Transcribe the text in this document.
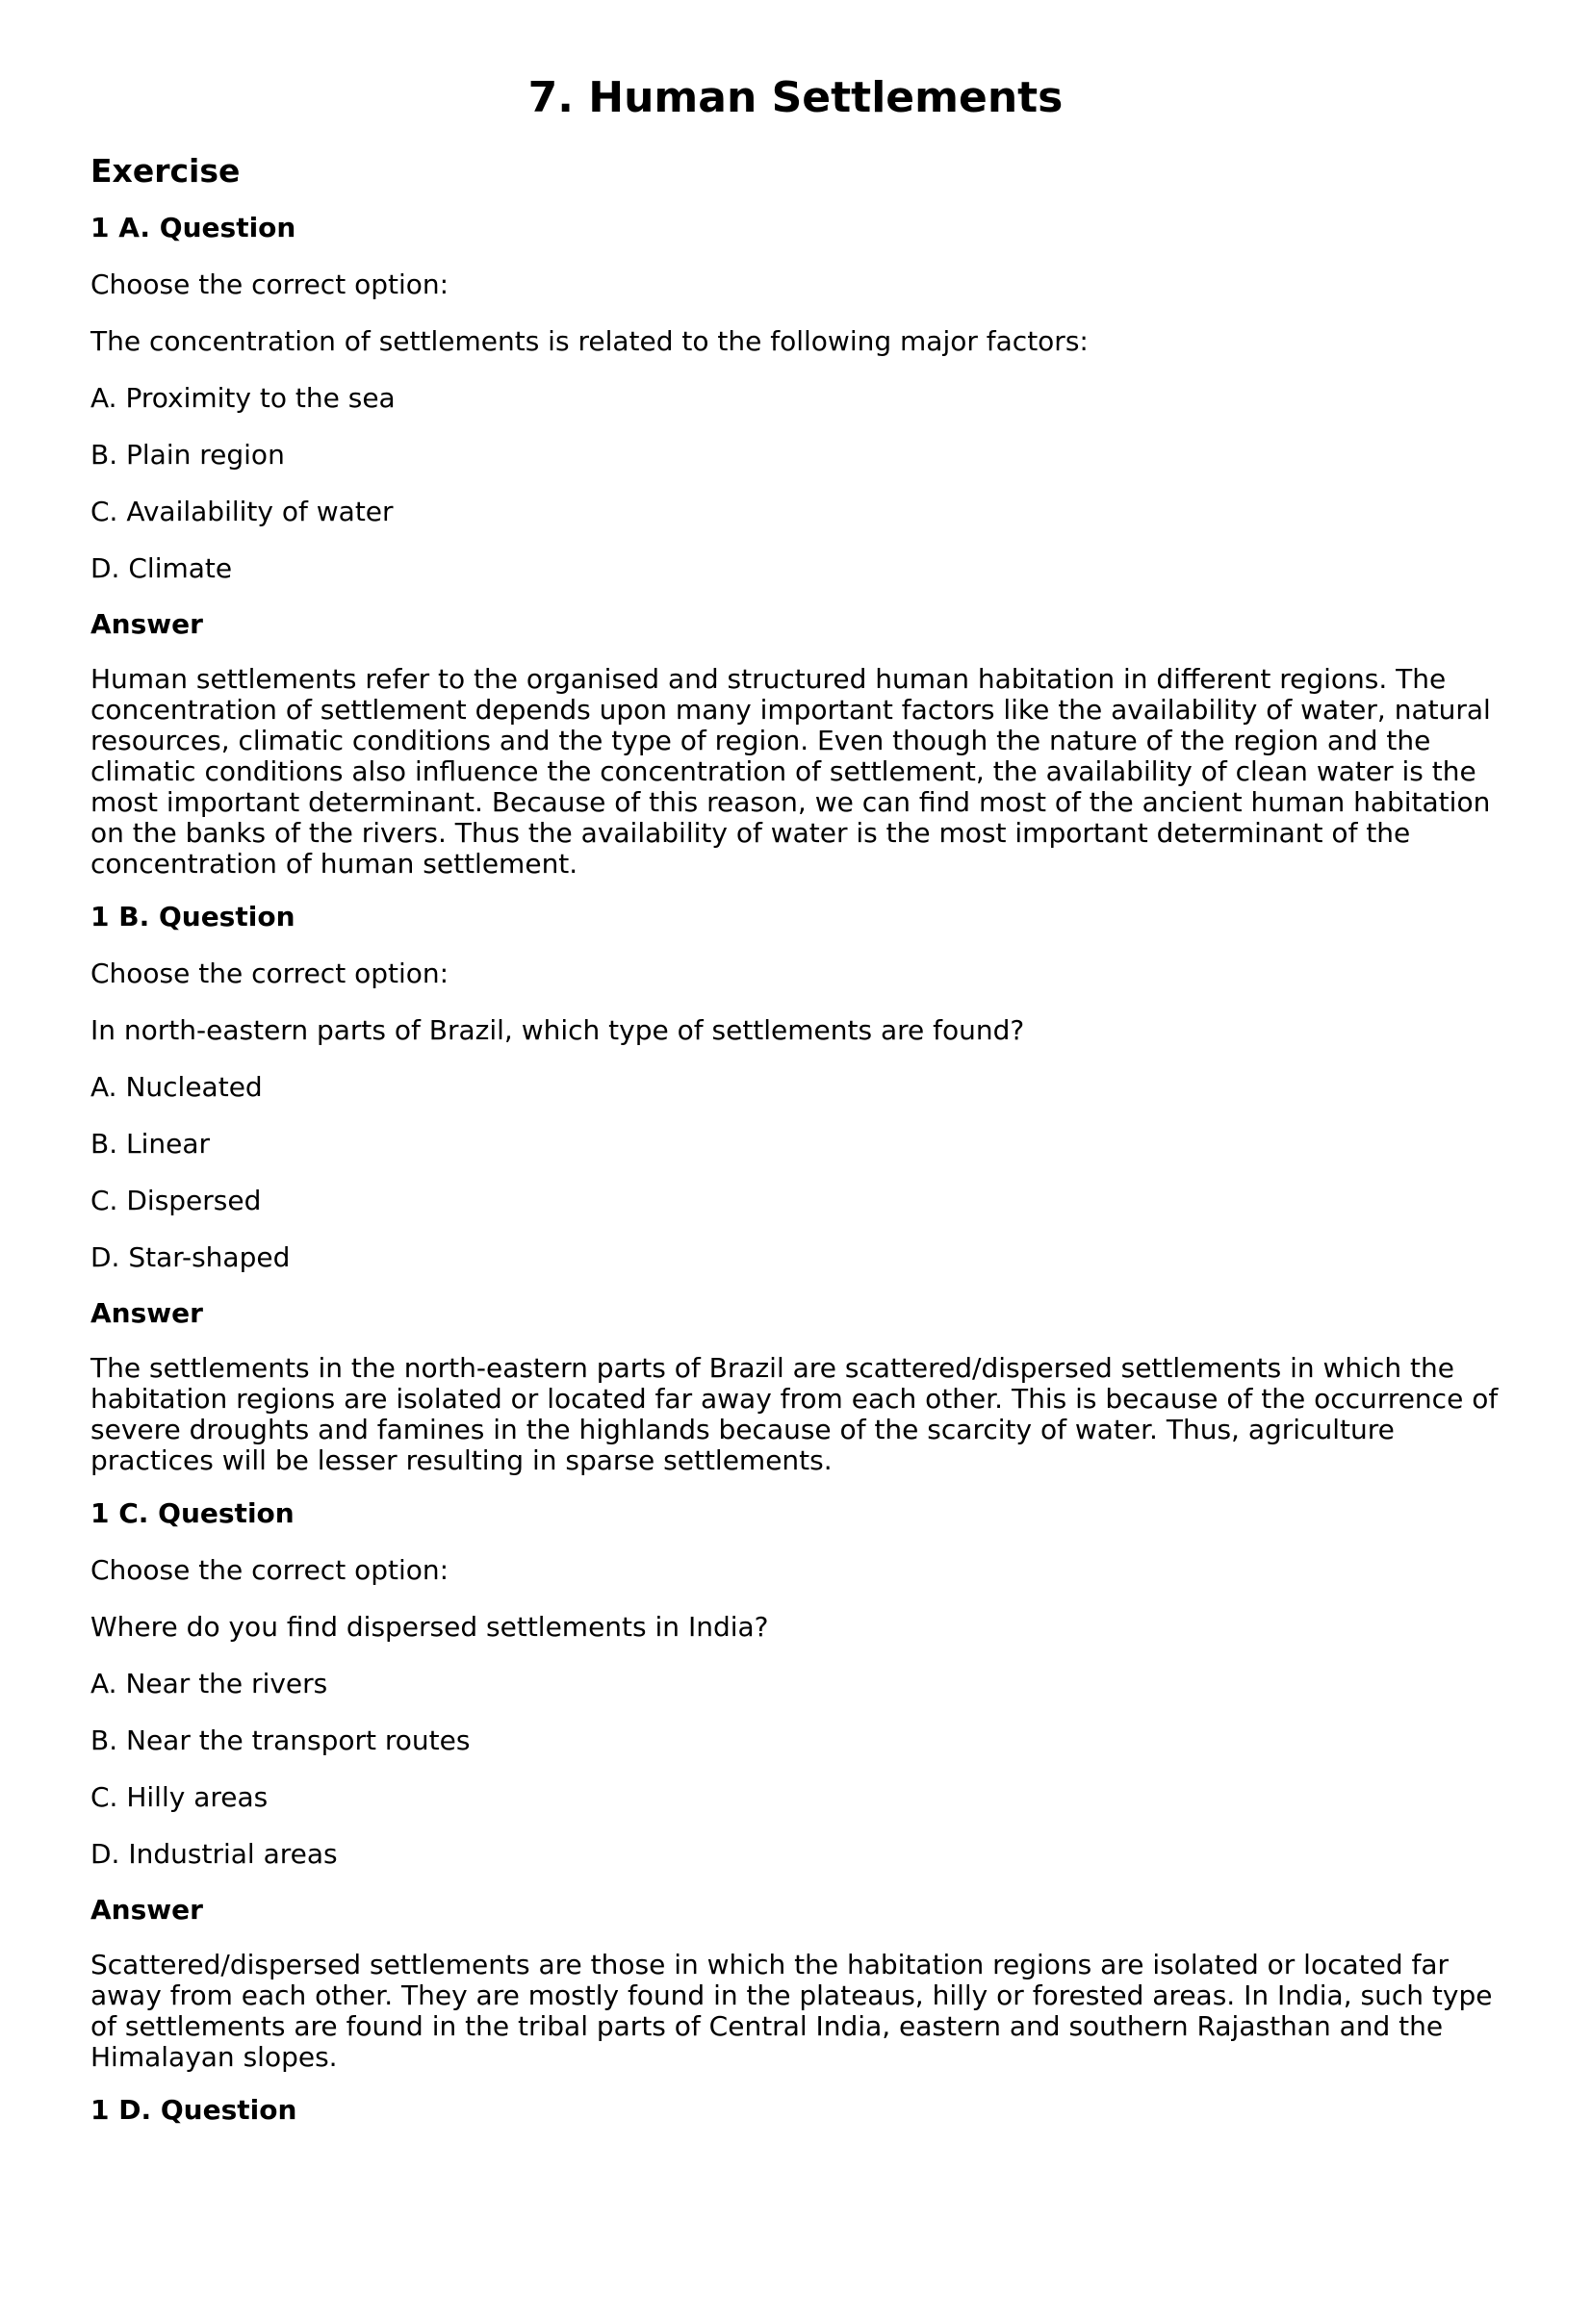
7. Human Settlements
Exercise
1 A. Question
Choose the correct option:
The concentration of settlements is related to the following major factors:
A. Proximity to the sea
B. Plain region
C. Availability of water
D. Climate
Answer
Human settlements refer to the organised and structured human habitation in different regions. The concentration of settlement depends upon many important factors like the availability of water, natural resources, climatic conditions and the type of region. Even though the nature of the region and the climatic conditions also influence the concentration of settlement, the availability of clean water is the most important determinant. Because of this reason, we can find most of the ancient human habitation on the banks of the rivers. Thus the availability of water is the most important determinant of the concentration of human settlement.
1 B. Question
Choose the correct option:
In north-eastern parts of Brazil, which type of settlements are found?
A. Nucleated
B. Linear
C. Dispersed
D. Star-shaped
Answer
The settlements in the north-eastern parts of Brazil are scattered/dispersed settlements in which the habitation regions are isolated or located far away from each other. This is because of the occurrence of severe droughts and famines in the highlands because of the scarcity of water. Thus, agriculture practices will be lesser resulting in sparse settlements.
1 C. Question
Choose the correct option:
Where do you find dispersed settlements in India?
A. Near the rivers
B. Near the transport routes
C. Hilly areas
D. Industrial areas
Answer
Scattered/dispersed settlements are those in which the habitation regions are isolated or located far away from each other. They are mostly found in the plateaus, hilly or forested areas. In India, such type of settlements are found in the tribal parts of Central India, eastern and southern Rajasthan and the Himalayan slopes.
1 D. Question
